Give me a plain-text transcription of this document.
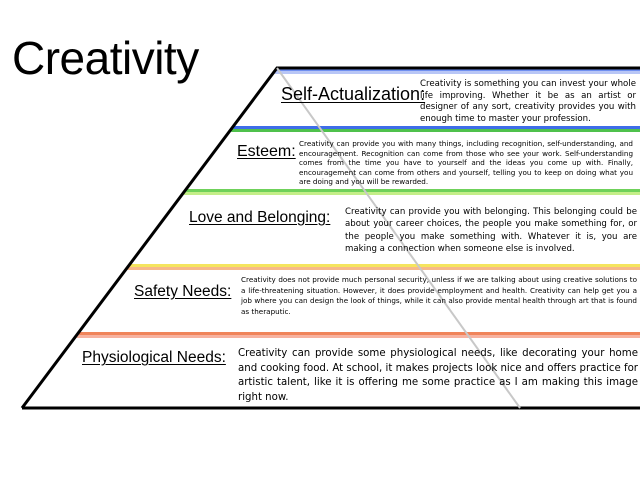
Creativity
Self-Actualization:
Creativity is something you can invest your whole life improving. Whether it be as an artist or designer of any sort, creativity provides you with enough time to master your profession.
Esteem: Creativity can provide you with many things, including recognition, self-understanding, and encouragement. Recognition can come from those who see your work. Self-understanding comes from the time you have to yourself and the ideas you come up with. Finally, encouragement can come from others and yourself, telling you to keep on doing what you are doing and you will be rewarded.
Love and Belonging: Creativity can provide you with belonging. This belonging could be about your career choices, the people you make something for, or the people you make something with. Whatever it is, you are making a connection when someone else is involved.
Safety Needs:
Creativity does not provide much personal security, unless if we are talking about using creative solutions to a life-threatening situation. However, it does provide employment and health. Creativity can help get you a job where you can design the look of things, while it can also provide mental health through art that is found as theraputic.
Physiological Needs: Creativity can provide some physiological needs, like decorating your home and cooking food. At school, it makes projects look nice and offers practice for artistic talent, like it is offering me some practice as I am making this image right now.
